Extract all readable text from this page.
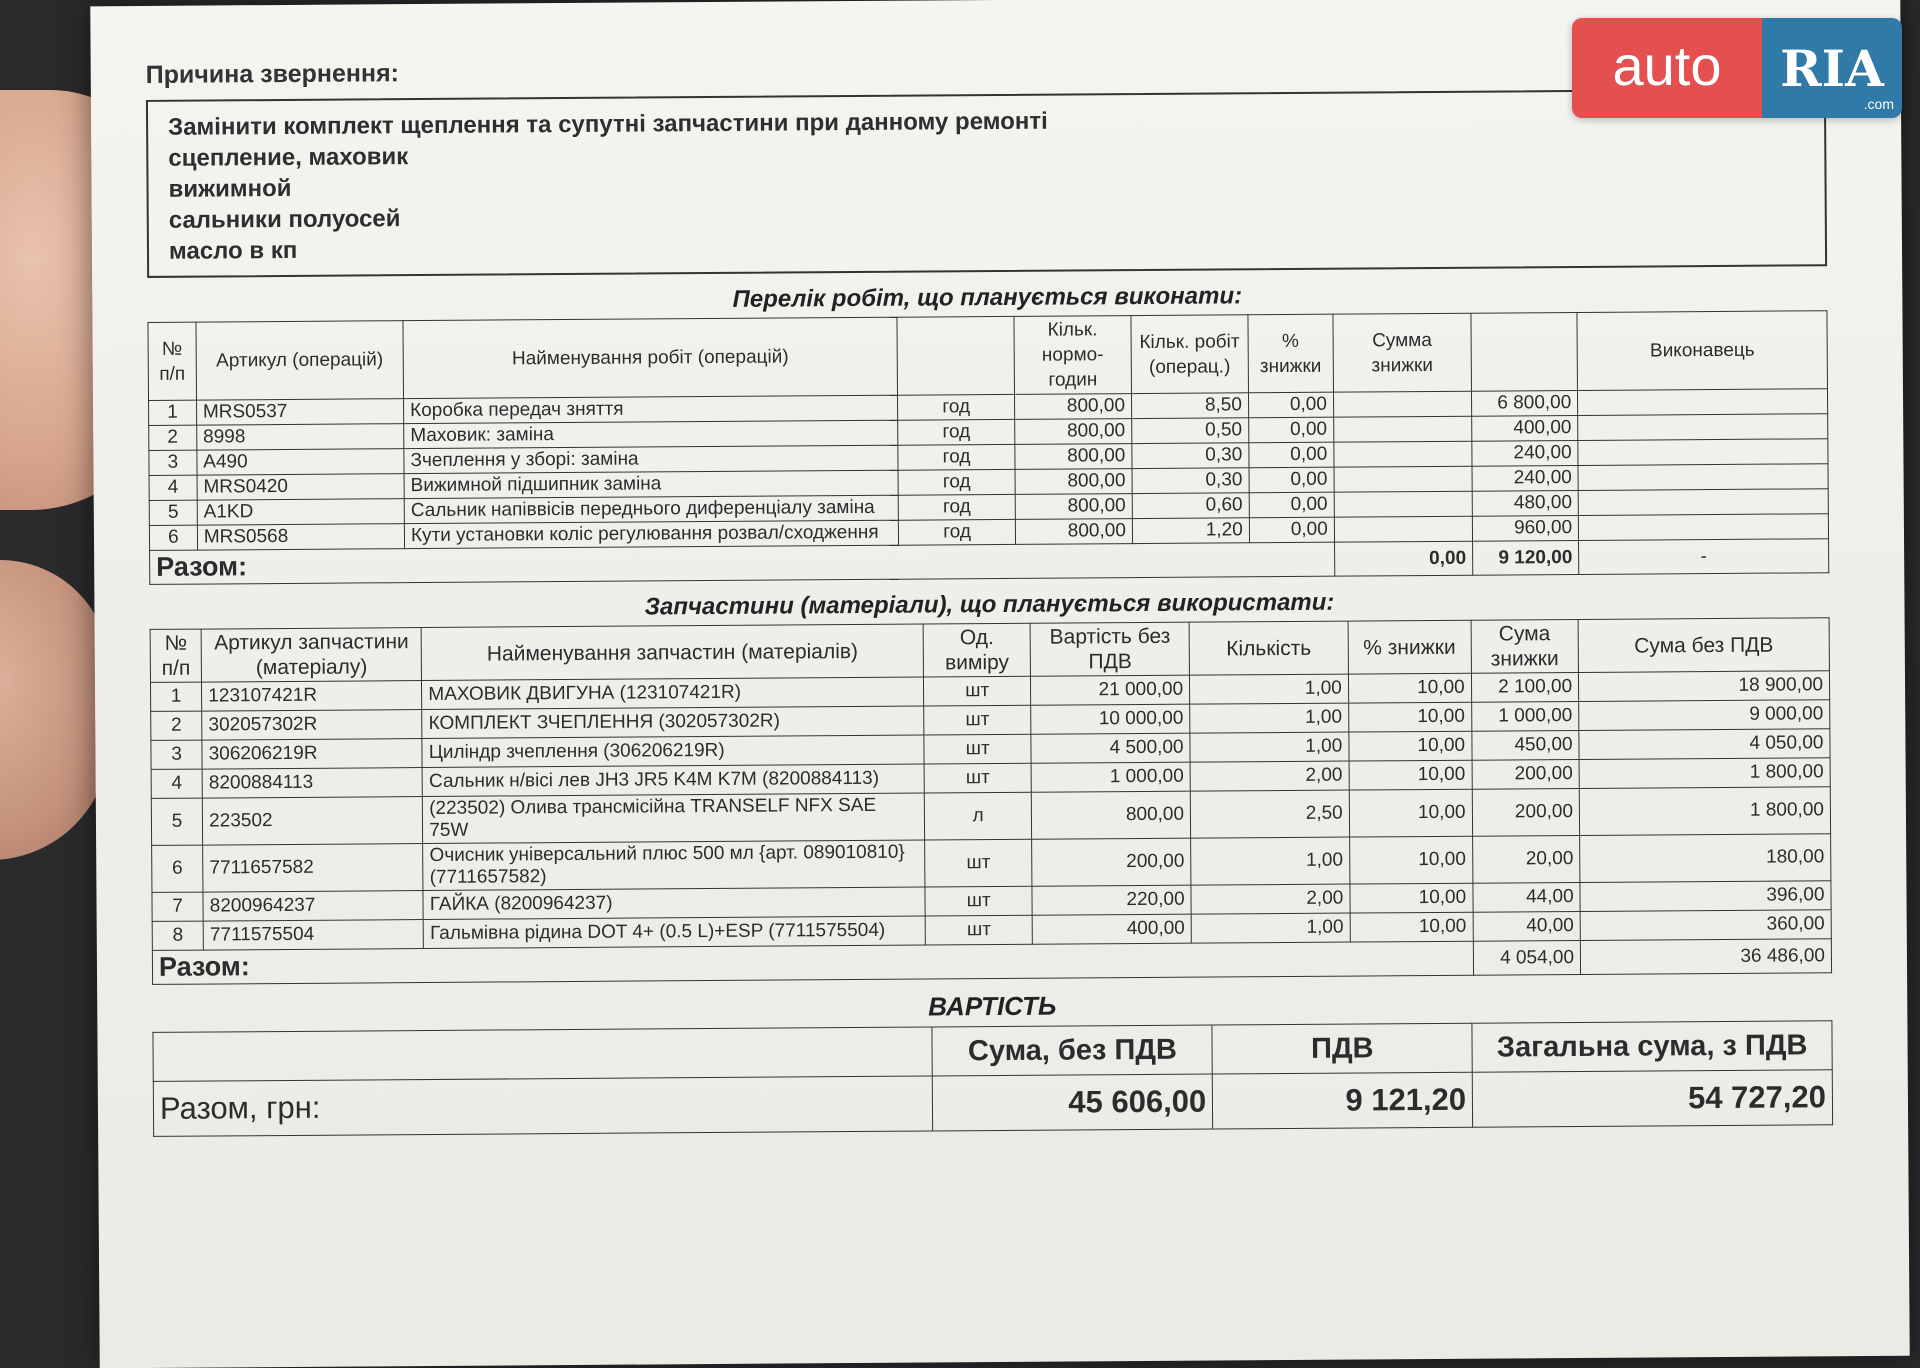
Причина звернення:
Замінити комплект щеплення та супутні запчастини при данному ремонті
сцепление, маховик
вижимной
сальники полуосей
масло в кп
Перелік робіт, що планується виконати:
№ п/п	Артикул (операцій)	Найменування робіт (операцій)		Кільк. нормо-годин	Кільк. робіт (операц.)	% знижки	Сумма знижки		Виконавець
1	MRS0537	Коробка передач зняття	год	800,00	8,50	0,00		6 800,00	
2	8998	Маховик: заміна	год	800,00	0,50	0,00		400,00	
3	A490	Зчеплення у зборі: заміна	год	800,00	0,30	0,00		240,00	
4	MRS0420	Вижимной підшипник заміна	год	800,00	0,30	0,00		240,00	
5	A1KD	Сальник напіввісів переднього диференціалу заміна	год	800,00	0,60	0,00		480,00	
6	MRS0568	Кути установки коліс регулювання розвал/сходження	год	800,00	1,20	0,00		960,00	
Разом:							0,00	9 120,00	-
Запчастини (матеріали), що планується використати:
№ п/п	Артикул запчастини (матеріалу)	Найменування запчастин (матеріалів)	Од. виміру	Вартість без ПДВ	Кількість	% знижки	Сума знижки	Сума без ПДВ
1	123107421R	МАХОВИК ДВИГУНА (123107421R)	шт	21 000,00	1,00	10,00	2 100,00	18 900,00
2	302057302R	КОМПЛЕКТ ЗЧЕПЛЕННЯ (302057302R)	шт	10 000,00	1,00	10,00	1 000,00	9 000,00
3	306206219R	Циліндр зчеплення (306206219R)	шт	4 500,00	1,00	10,00	450,00	4 050,00
4	8200884113	Сальник н/вісі лев JH3 JR5 K4M K7M (8200884113)	шт	1 000,00	2,00	10,00	200,00	1 800,00
5	223502	(223502) Олива трансмісійна TRANSELF NFX SAE 75W	л	800,00	2,50	10,00	200,00	1 800,00
6	7711657582	Очисник універсальний плюс 500 мл {арт. 089010810} (7711657582)	шт	200,00	1,00	10,00	20,00	180,00
7	8200964237	ГАЙКА (8200964237)	шт	220,00	2,00	10,00	44,00	396,00
8	7711575504	Гальмівна рідина DOT 4+ (0.5 L)+ESP (7711575504)	шт	400,00	1,00	10,00	40,00	360,00
Разом:							4 054,00	36 486,00
ВАРТІСТЬ
	Сума, без ПДВ	ПДВ	Загальна сума, з ПДВ
Разом, грн:	45 606,00	9 121,20	54 727,20
auto	RIA
.com
